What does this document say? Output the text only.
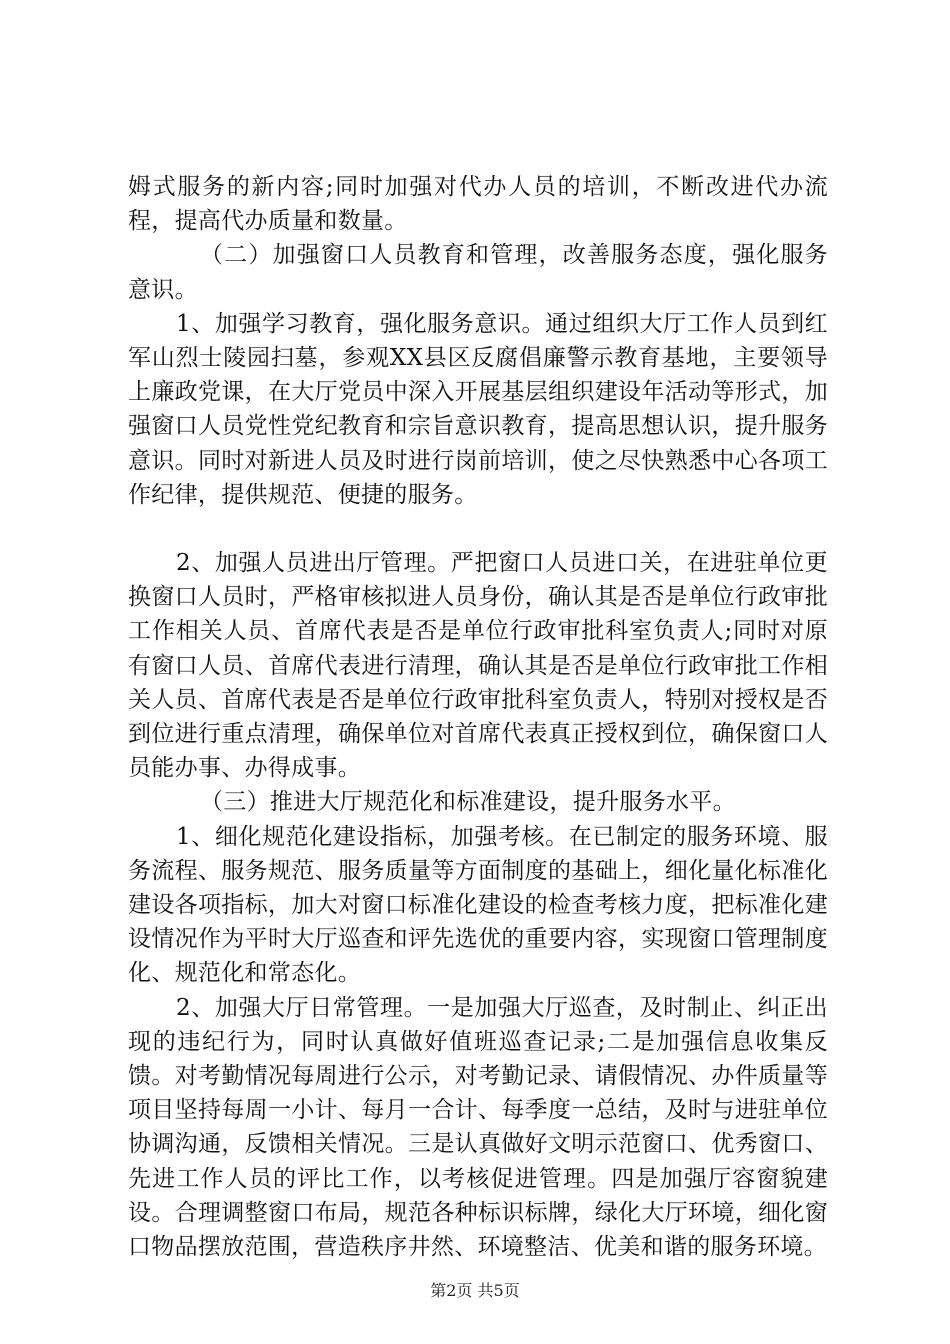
姆式服务的新内容;同时加强对代办人员的培训，不断改进代办流程，提高代办质量和数量。

（二）加强窗口人员教育和管理，改善服务态度，强化服务意识。

1、加强学习教育，强化服务意识。通过组织大厅工作人员到红军山烈士陵园扫墓，参观XX县区反腐倡廉警示教育基地，主要领导上廉政党课，在大厅党员中深入开展基层组织建设年活动等形式，加强窗口人员党性党纪教育和宗旨意识教育，提高思想认识，提升服务意识。同时对新进人员及时进行岗前培训，使之尽快熟悉中心各项工作纪律，提供规范、便捷的服务。

2、加强人员进出厅管理。严把窗口人员进口关，在进驻单位更换窗口人员时，严格审核拟进人员身份，确认其是否是单位行政审批工作相关人员、首席代表是否是单位行政审批科室负责人;同时对原有窗口人员、首席代表进行清理，确认其是否是单位行政审批工作相关人员、首席代表是否是单位行政审批科室负责人，特别对授权是否到位进行重点清理，确保单位对首席代表真正授权到位，确保窗口人员能办事、办得成事。

（三）推进大厅规范化和标准建设，提升服务水平。

1、细化规范化建设指标，加强考核。在已制定的服务环境、服务流程、服务规范、服务质量等方面制度的基础上，细化量化标准化建设各项指标，加大对窗口标准化建设的检查考核力度，把标准化建设情况作为平时大厅巡查和评先选优的重要内容，实现窗口管理制度化、规范化和常态化。

2、加强大厅日常管理。一是加强大厅巡查，及时制止、纠正出现的违纪行为，同时认真做好值班巡查记录;二是加强信息收集反馈。对考勤情况每周进行公示，对考勤记录、请假情况、办件质量等项目坚持每周一小计、每月一合计、每季度一总结，及时与进驻单位协调沟通，反馈相关情况。三是认真做好文明示范窗口、优秀窗口、先进工作人员的评比工作，以考核促进管理。四是加强厅容窗貌建设。合理调整窗口布局，规范各种标识标牌，绿化大厅环境，细化窗口物品摆放范围，营造秩序井然、环境整洁、优美和谐的服务环境。

第2页 共5页
